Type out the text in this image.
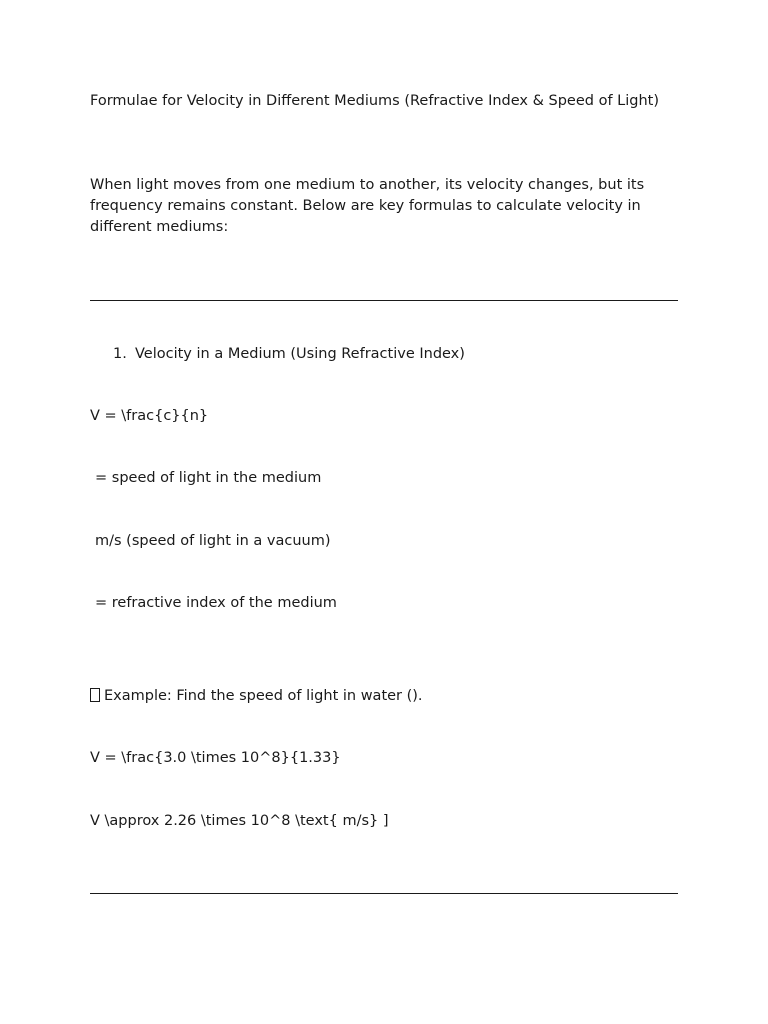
Formulae for Velocity in Different Mediums (Refractive Index & Speed of Light)

When light moves from one medium to another, its velocity changes, but its frequency remains constant. Below are key formulas to calculate velocity in different mediums:

1. Velocity in a Medium (Using Refractive Index)
V = \frac{c}{n}
= speed of light in the medium
m/s (speed of light in a vacuum)
= refractive index of the medium
Example: Find the speed of light in water ().
V = \frac{3.0 \times 10^8}{1.33}
V \approx 2.26 \times 10^8 \text{ m/s} ]
